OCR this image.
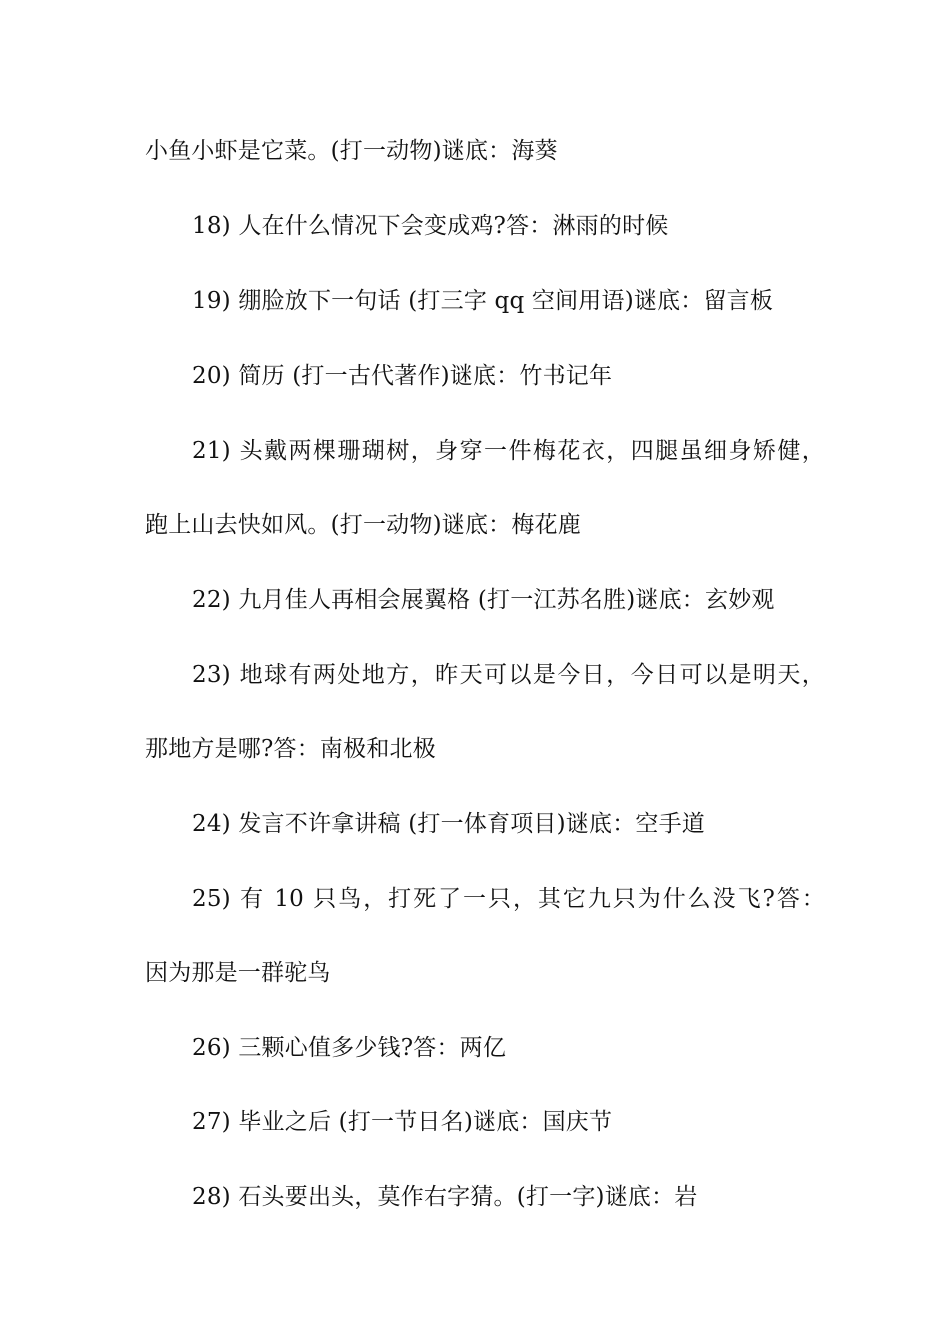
小鱼小虾是它菜。(打一动物)谜底：海葵
18) 人在什么情况下会变成鸡?答：淋雨的时候
19) 绷脸放下一句话 (打三字 qq 空间用语)谜底：留言板
20) 简历 (打一古代著作)谜底：竹书记年
21) 头戴两棵珊瑚树，身穿一件梅花衣，四腿虽细身矫健，
跑上山去快如风。(打一动物)谜底：梅花鹿
22) 九月佳人再相会展翼格 (打一江苏名胜)谜底：玄妙观
23) 地球有两处地方，昨天可以是今日，今日可以是明天，
那地方是哪?答：南极和北极
24) 发言不许拿讲稿 (打一体育项目)谜底：空手道
25) 有 10 只鸟，打死了一只，其它九只为什么没飞?答：
因为那是一群驼鸟
26) 三颗心值多少钱?答：两亿
27) 毕业之后 (打一节日名)谜底：国庆节
28) 石头要出头，莫作右字猜。(打一字)谜底：岩
